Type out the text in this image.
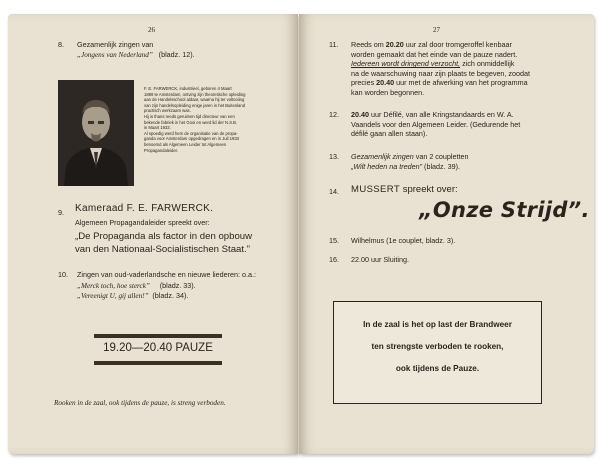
26
8. Gezamenlijk zingen van
„Jongens van Nederland” (bladz. 12).
F. E. FARWERCK, industrieel, geboren 4 Maart
1889 te Amsterdam, ontving zijn theoretische opleiding
aan de Handelsschool aldaar, waarna hij ter voltooiing
van zijn handelsopleiding enige jaren in het Buitenland
practisch werkzaam was.
Hij is thans reeds geruimen tijd directeur van een
bekende fabriek in het Gooi en werd lid der N.S.B.
in Maart 1933.
Al spoedig werd hem de organisatie van de propa-
ganda voor Amsterdam opgedragen en in Juli 1933
benoemd als Algemeen Leider tot Algemeen
Propagandaleider.
9. Kameraad F. E. FARWERCK.
Algemeen Propagandaleider spreekt over:
„De Propaganda als factor in den opbouw
van den Nationaal-Socialistischen Staat.”
10. Zingen van oud-vaderlandsche en nieuwe liederen: o.a.:
„Merck toch, hoe sterck” (bladz. 33).
„Vereenigt U, gij allen!” (bladz. 34).
19.20—20.40 PAUZE
Rooken in de zaal, ook tijdens de pauze, is streng verboden.
27
11. Reeds om 20.20 uur zal door tromgeroffel kenbaar
worden gemaakt dat het einde van de pauze nadert.
Iedereen wordt dringend verzocht, zich onmiddellijk
na de waarschuwing naar zijn plaats te begeven, zoodat
precies 20.40 uur met de afwerking van het programma
kan worden begonnen.
12. 20.40 uur Défilé, van alle Kringstandaards en W. A.
Vaandels voor den Algemeen Leider. (Gedurende het
défilé gaan allen staan).
13. Gezamenlijk zingen van 2 coupletten
„Wilt heden na treden” (bladz. 39).
14. MUSSERT spreekt over:
„Onze Strijd”.
15. Wilhelmus (1e couplet, bladz. 3).
16. 22.00 uur Sluiting.
In de zaal is het op last der Brandweer
ten strengste verboden te rooken,
ook tijdens de Pauze.
